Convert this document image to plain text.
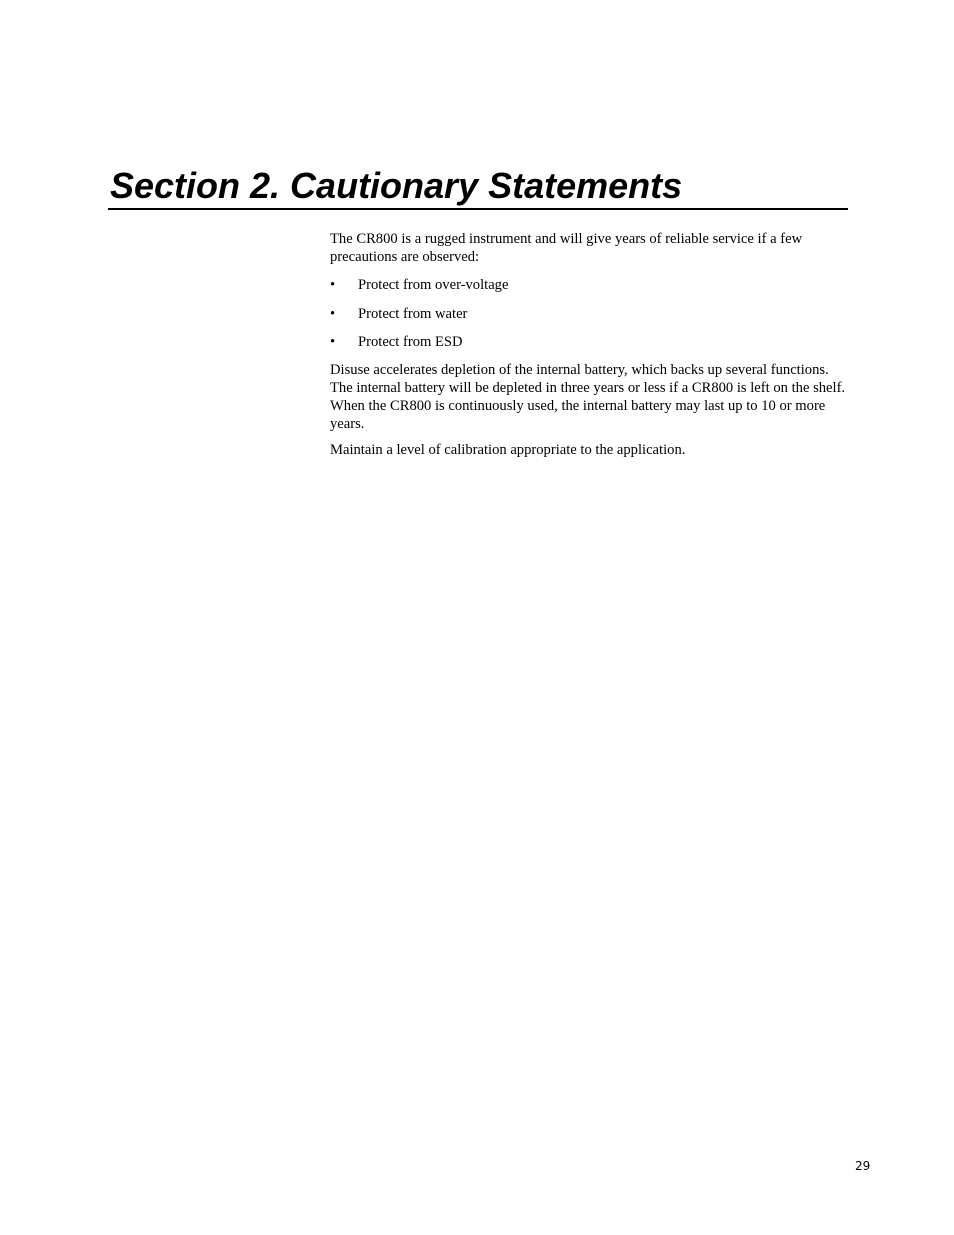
Section 2. Cautionary Statements

The CR800 is a rugged instrument and will give years of reliable service if a few precautions are observed:

•	Protect from over-voltage
•	Protect from water
•	Protect from ESD

Disuse accelerates depletion of the internal battery, which backs up several functions. The internal battery will be depleted in three years or less if a CR800 is left on the shelf. When the CR800 is continuously used, the internal battery may last up to 10 or more years.

Maintain a level of calibration appropriate to the application.

29
